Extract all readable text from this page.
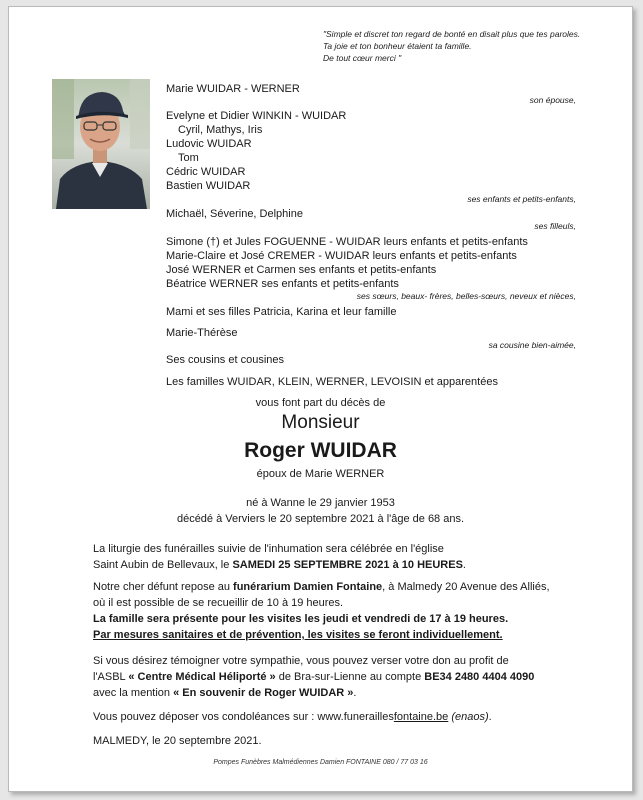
"Simple et discret ton regard de bonté en disait plus que tes paroles.
Ta joie et ton bonheur étaient ta famille.
De tout cœur merci "
Marie WUIDAR - WERNER
son épouse,
Evelyne et Didier WINKIN - WUIDAR
Cyril, Mathys, Iris
Ludovic WUIDAR
Tom
Cédric WUIDAR
Bastien WUIDAR
ses enfants et petits-enfants,
Michaël, Séverine, Delphine
ses filleuls,
Simone (†) et Jules FOGUENNE - WUIDAR leurs enfants et petits-enfants
Marie-Claire et José CREMER - WUIDAR leurs enfants et petits-enfants
José WERNER et Carmen ses enfants et petits-enfants
Béatrice WERNER ses enfants et petits-enfants
ses sœurs, beaux- frères, belles-sœurs, neveux et nièces,
Mami et ses filles Patricia, Karina et leur famille
Marie-Thérèse
sa cousine bien-aimée,
Ses cousins et cousines
Les familles WUIDAR, KLEIN, WERNER, LEVOISIN et apparentées
vous font part du décès de
Monsieur
Roger WUIDAR
époux de Marie WERNER
né à Wanne le 29 janvier 1953
décédé à Verviers le 20 septembre 2021 à l'âge de 68 ans.
La liturgie des funérailles suivie de l'inhumation sera célébrée en l'église
Saint Aubin de Bellevaux, le SAMEDI 25 SEPTEMBRE 2021 à 10 HEURES.
Notre cher défunt repose au funérarium Damien Fontaine, à Malmedy 20 Avenue des Alliés,
où il est possible de se recueillir de 10 à 19 heures.
La famille sera présente pour les visites les jeudi et vendredi de 17 à 19 heures.
Par mesures sanitaires et de prévention, les visites se feront individuellement.
Si vous désirez témoigner votre sympathie, vous pouvez verser votre don au profit de
l'ASBL « Centre Médical Héliporté » de Bra-sur-Lienne au compte BE34 2480 4404 4090
avec la mention « En souvenir de Roger WUIDAR ».
Vous pouvez déposer vos condoléances sur : www.funeraillesfontaine.be (enaos).
MALMEDY, le 20 septembre 2021.
Pompes Funèbres Malmédiennes Damien FONTAINE 080 / 77 03 16
